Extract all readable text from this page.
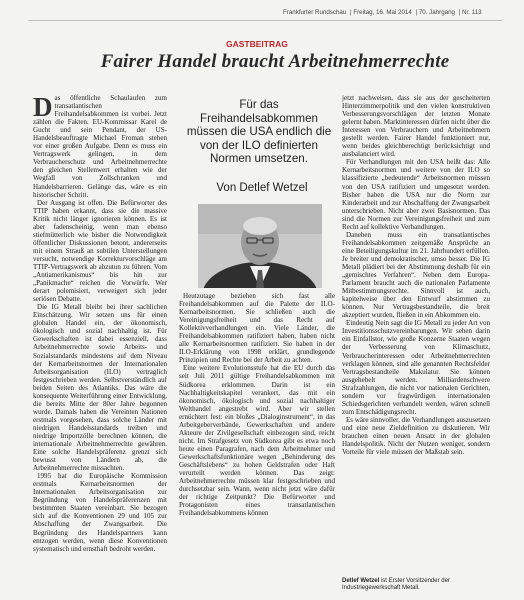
Frankfurter Rundschau | Freitag, 16. Mai 2014 | 70. Jahrgang | Nr. 113
GASTBEITRAG
Fairer Handel braucht Arbeitnehmerrechte

Das öffentliche Schaulaufen zum transatlantischen Freihandelsabkommen ist vorbei. Jetzt zählen die Fakten. EU-Kommissar Karel de Gucht und sein Pendant, der US-Handelsbeauftragte Michael Froman stehen vor einer großen Aufgabe. Denn es muss ein Vertragswerk gelingen, in dem Verbraucherschutz und Arbeitnehmerrechte den gleichen Stellenwert erhalten wie der Wegfall von Zollschranken und Handelsbarrieren. Gelänge das, wäre es ein historischer Schritt.

Der Ausgang ist offen. Die Befürworter des TTIP haben erkannt, dass sie die massive Kritik nicht länger ignorieren können. Es ist aber fadenscheinig, wenn man ebenso stiefmütterlich wie bisher die Notwendigkeit öffentlicher Diskussionen betont, andererseits mit einem Strauß an subtilen Unterstellungen versucht, notwendige Korrekturvorschläge am TTIP-Vertragswerk ab abzutun zu führen. Vom „Antiamerikanismus“ bis hin zur „Panikmache“ reichen die Vorwürfe. Wer derart polemisiert, verweigert sich jeder seriösen Debatte.

Die IG Metall bleibt bei ihrer sachlichen Einschätzung. Wir setzen uns für einen globalen Handel ein, der ökonomisch, ökologisch und sozial nachhaltig ist. Für Gewerkschaften ist dabei essenziell, dass Arbeitnehmerrechte sowie Arbeits- und Sozialstandards mindestens auf dem Niveau der Kernarbeitsnormen der Internationalen Arbeitsorganisation (ILO) vertraglich festgeschrieben werden. Selbstverständlich auf beiden Seiten des Atlantiks. Das wäre die konsequente Weiterführung einer Entwicklung, die bereits Mitte der 80er Jahre begonnen wurde. Damals haben die Vereinten Nationen erstmals vorgesehen, dass solche Länder mit niedrigen Handelsstandards treiben und niedrige Importzölle berechnen können, die internationale Arbeitnehmerrechte gewähren. Eine solche Handelspräferenz grenzt sich bewusst von Ländern ab, die Arbeitnehmerrechte missachten.

1995 hat die Europäische Kommission erstmals Kernarbeitsnormen der Internationalen Arbeitsorganisation zur Begründung von Handelspräferenzen mit bestimmten Staaten vereinbart. Sie bezogen sich auf die Konventionen 29 und 105 zur Abschaffung der Zwangsarbeit. Die Begründung des Handelspartners kann entzogen werden, wenn diese Konventionen systematisch und ernsthaft bedroht werden.

Für das Freihandelsabkommen müssen die USA endlich die von der ILO definierten Normen umsetzen.
Von Detlef Wetzel

Heutzutage beziehen sich fast alle Freihandelsabkommen auf die Palette der ILO-Kernarbeitsnormen. Sie schließen auch die Vereinigungsfreiheit und das Recht auf Kollektivverhandlungen ein. Viele Länder, die Freihandelsabkommen ratifiziert haben, haben nicht alle Kernarbeitsnormen ratifiziert. Sie haben in der ILO-Erklärung von 1998 erklärt, grundlegende Prinzipien und Rechte bei der Arbeit zu achten.

Eine weitere Evolutionsstufe hat die EU durch das seit Juli 2011 gültige Freihandelsabkommen mit Südkorea erklommen. Darin ist ein Nachhaltigkeitskapitel verankert, das mit ein ökonomisch, ökologisch und sozial nachhaltiger Welthandel angestrebt wird. Aber wir stellen ernüchtert fest: ein bloßes „Dialoginstrument“, in das Arbeitgeberverbände, Gewerkschaften und andere Akteure der Zivilgesellschaft einbezogen sind, reicht nicht. Im Strafgesetz von Südkorea gibt es etwa noch heute einen Paragrafen, nach dem Arbeitnehmer und Gewerkschaftsfunktionäre wegen „Behinderung des Geschäftslebens“ zu hohen Geldstrafen oder Haft verurteilt werden können. Das zeigt: Arbeitnehmerrechte müssen klar festgeschrieben und durchsetzbar sein. Wann, wenn nicht jetzt wäre dafür der richtige Zeitpunkt? Die Befürworter und Protagonisten eines transatlantischen Freihandelsabkommens können

jetzt nachweisen, dass sie aus der gescheiterten Hinterzimmerpolitik und den vielen konstruktiven Verbesserungsvorschlägen der letzten Monate gelernt haben. Marktinteressen dürfen nicht über die Interessen von Verbrauchern und Arbeitnehmern gestellt werden. Fairer Handel funktioniert nur, wenn beides gleichberechtigt berücksichtigt und ausbalanciert wird.

Für Verhandlungen mit den USA heißt das: Alle Kernarbeitsnormen und weitere von der ILO so klassifizierte „bedeutende“ Arbeitsnormen müssen von den USA ratifiziert und umgesetzt werden. Bisher haben die USA nur die Norm zur Kinderarbeit und zur Abschaffung der Zwangsarbeit unterschrieben. Nicht aber zwei Basisnormen. Das sind die Normen zur Vereinigungsfreiheit und zum Recht auf kollektive Verhandlungen.

Daneben muss ein transatlantisches Freihandelsabkommen zeitgemäße Ansprüche an eine Beteiligungskultur im 21. Jahrhundert erfüllen. Je breiter und demokratischer, umso besser. Die IG Metall plädiert bei der Abstimmung deshalb für ein „gemischtes Verfahren“. Neben dem Europa-Parlament braucht auch die nationalen Parlamente Mitbestimmungsrechte. Sinnvoll ist auch, kapitelweise über den Entwurf abstimmen zu können. Nur Vertragsbestandteile, die breit akzeptiert wurden, fließen in ein Abkommen ein.

Eindeutig Nein sagt die IG Metall zu jeder Art von Investitionsschutzvereinbarungen. Wir sehen darin ein Einfallstor, wie große Konzerne Staaten wegen der Verbesserung von Klimaschutz, Verbraucherinteressen oder Arbeitnehmerrechten verklagen können, sind alle genannten Rechtsfelder Vertragsbestandteile Makulatur. Sie können ausgehebelt werden. Milliardenschwere Strafzahlungen, die nicht vor nationalen Gerichten, sondern vor fragwürdigen internationalen Schiedsgerichten verhandelt werden, wären schnell zum Entschädigungsrecht.

Es wäre sinnvoller, die Verhandlungen auszusetzen und eine neue Zieldefinition zu diskutieren. Wir brauchen einen neuen Ansatz in der globalen Handelspolitik. Nicht der Nutzen weniger, sondern Vorteile für viele müssen der Maßstab sein.

Detlef Wetzel ist Erster Vorsitzender der Industriegewerkschaft Metall.
